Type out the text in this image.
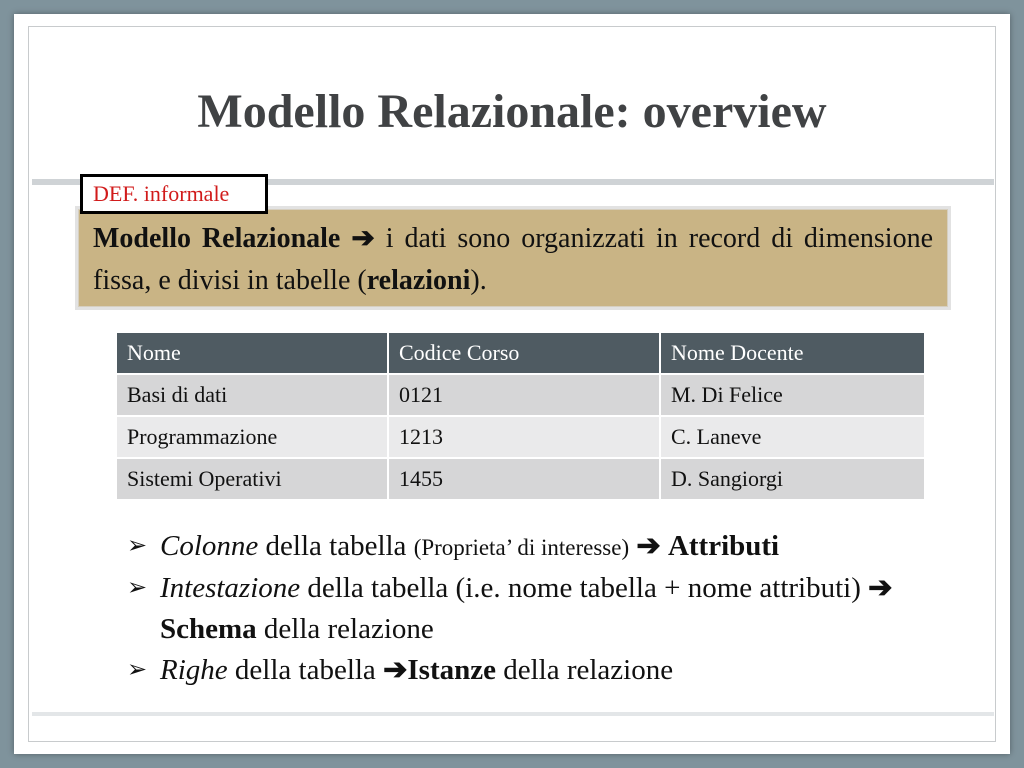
Modello Relazionale: overview
DEF. informale
Modello Relazionale ➔ i dati sono organizzati in record di dimensione fissa, e divisi in tabelle (relazioni).
Nome	Codice Corso	Nome Docente
Basi di dati	0121	M. Di Felice
Programmazione	1213	C. Laneve
Sistemi Operativi	1455	D. Sangiorgi
➢ Colonne della tabella (Proprieta’ di interesse) ➔ Attributi
➢ Intestazione della tabella (i.e. nome tabella + nome attributi) ➔ Schema della relazione
➢ Righe della tabella ➔Istanze della relazione
